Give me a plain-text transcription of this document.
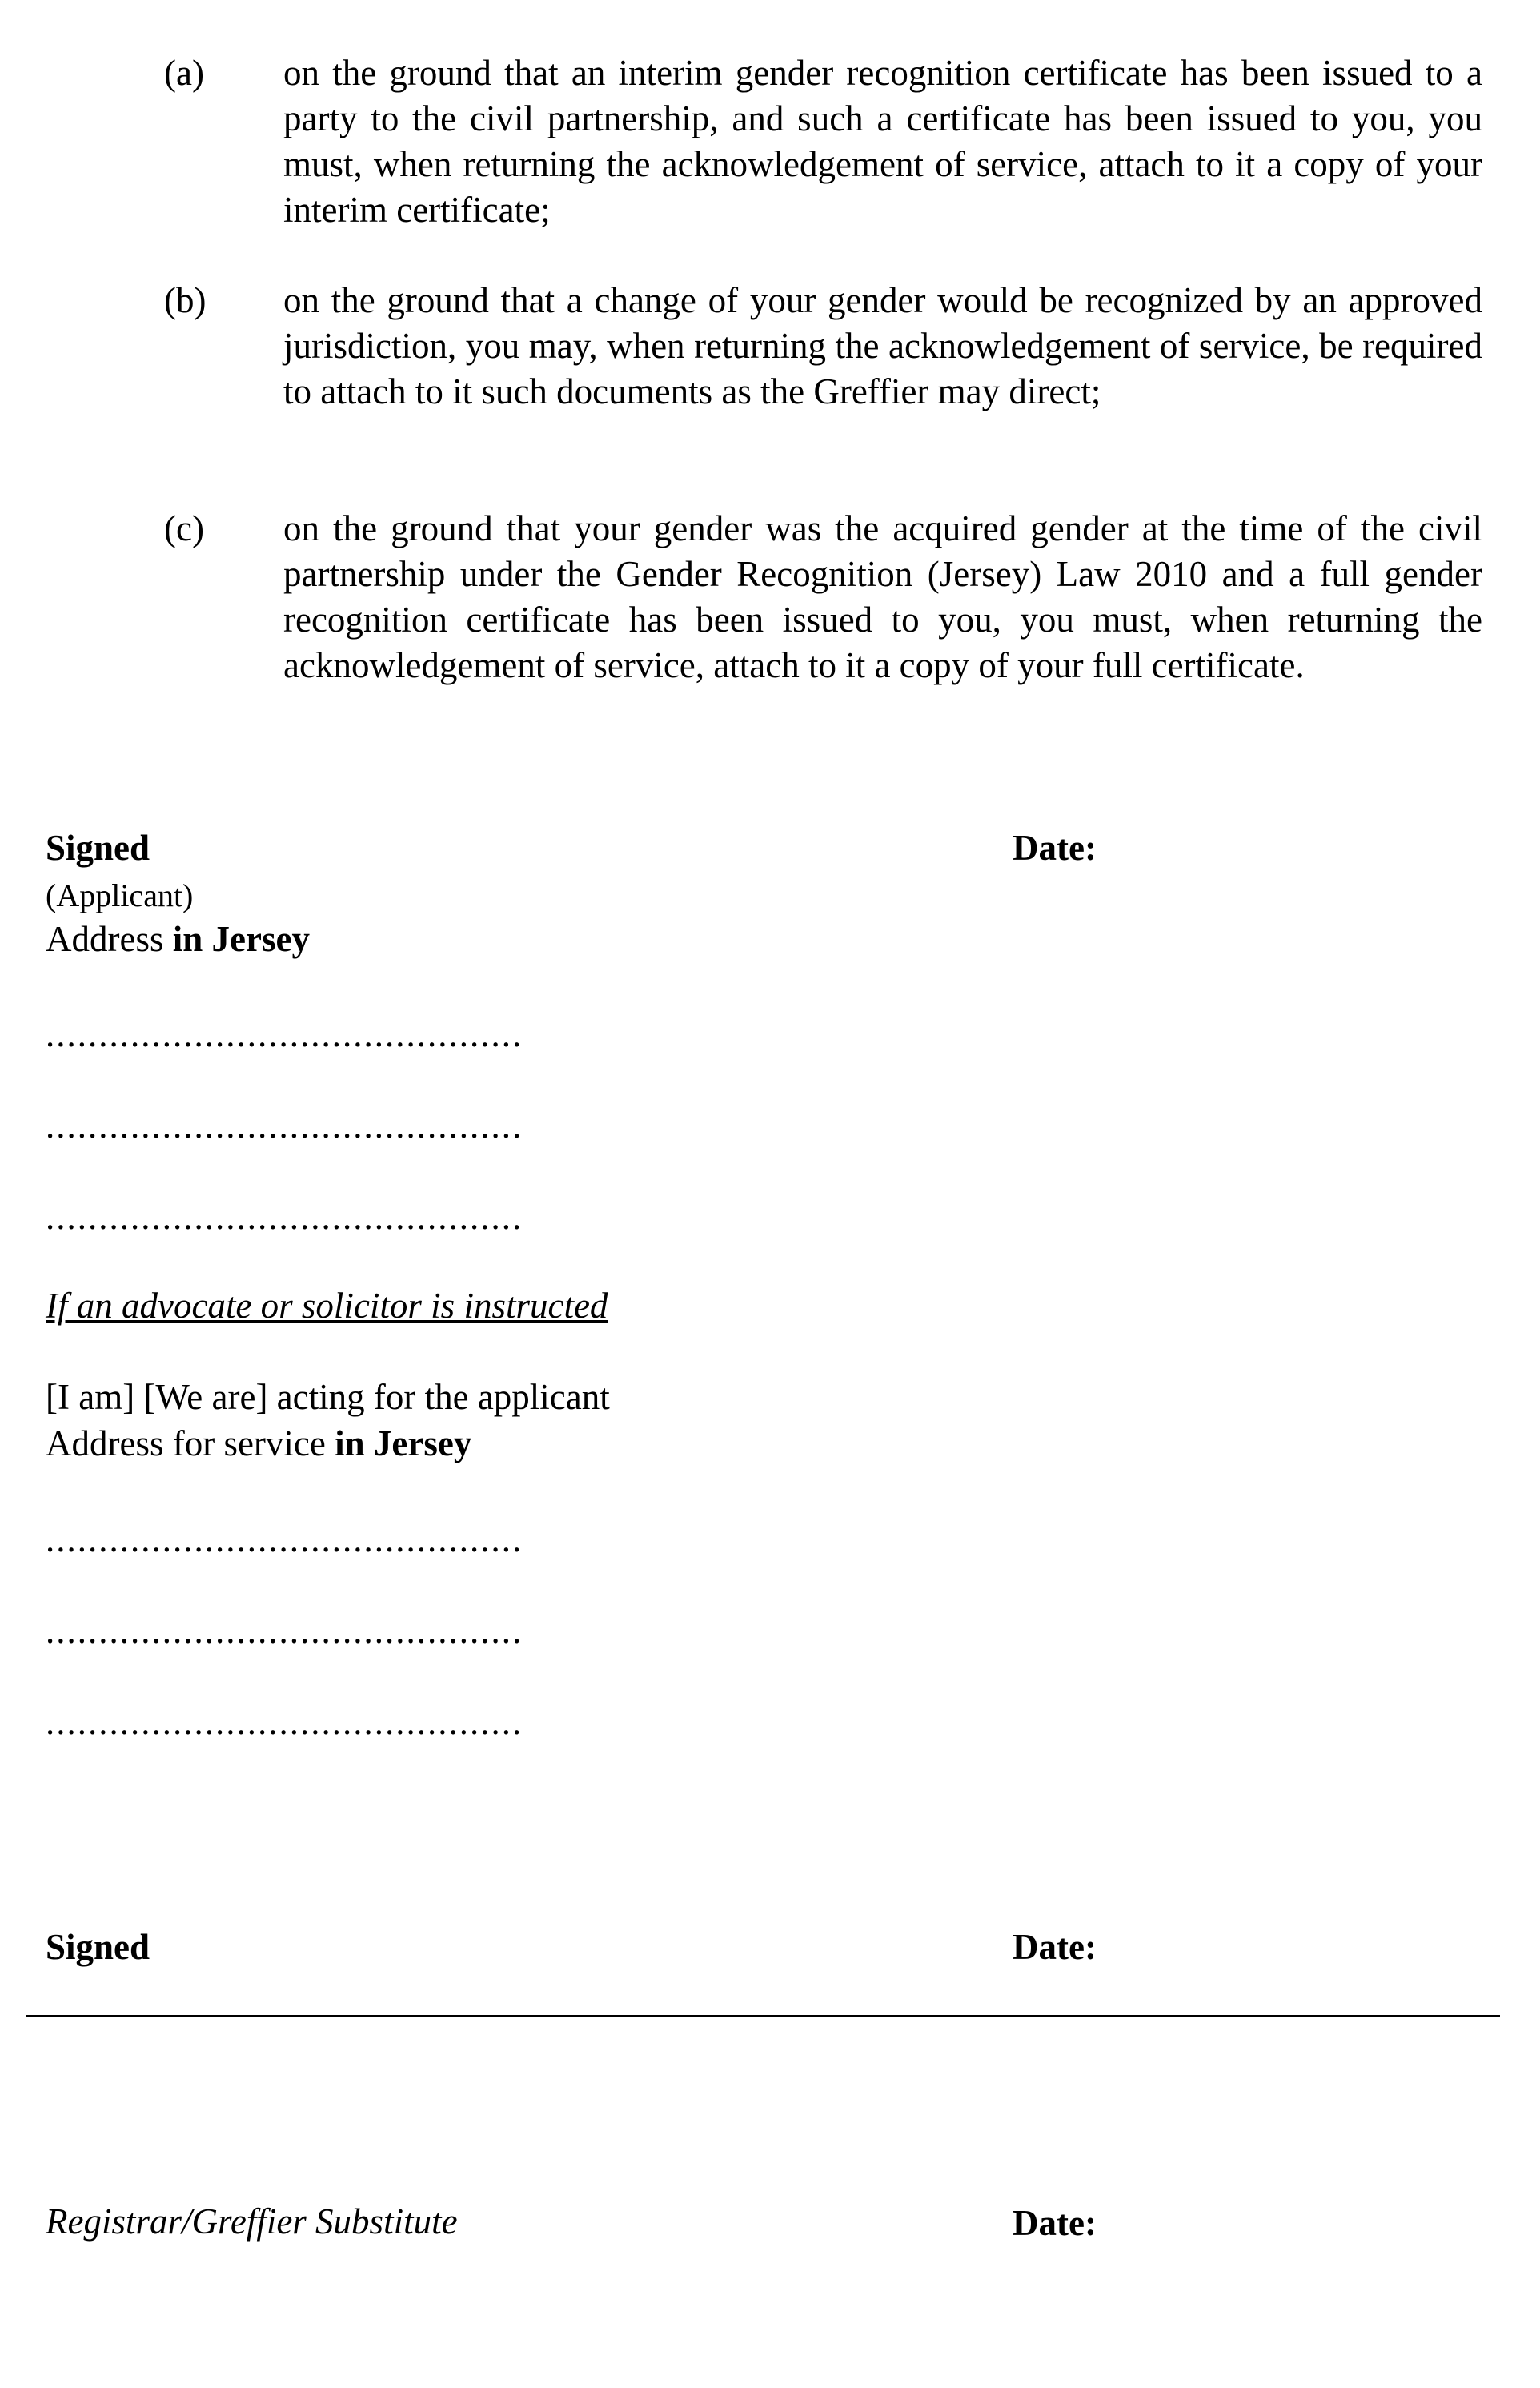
(a) on the ground that an interim gender recognition certificate has been issued to a party to the civil partnership, and such a certificate has been issued to you, you must, when returning the acknowledgement of service, attach to it a copy of your interim certificate;
(b) on the ground that a change of your gender would be recognized by an approved jurisdiction, you may, when returning the acknowledgement of service, be required to attach to it such documents as the Greffier may direct;
(c) on the ground that your gender was the acquired gender at the time of the civil partnership under the Gender Recognition (Jersey) Law 2010 and a full gender recognition certificate has been issued to you, you must, when returning the acknowledgement of service, attach to it a copy of your full certificate.
Signed	Date:
(Applicant)
Address in Jersey
.............................................
.............................................
.............................................
If an advocate or solicitor is instructed
[I am] [We are] acting for the applicant
Address for service in Jersey
.............................................
.............................................
.............................................
Signed	Date:
Registrar/Greffier Substitute	Date:
